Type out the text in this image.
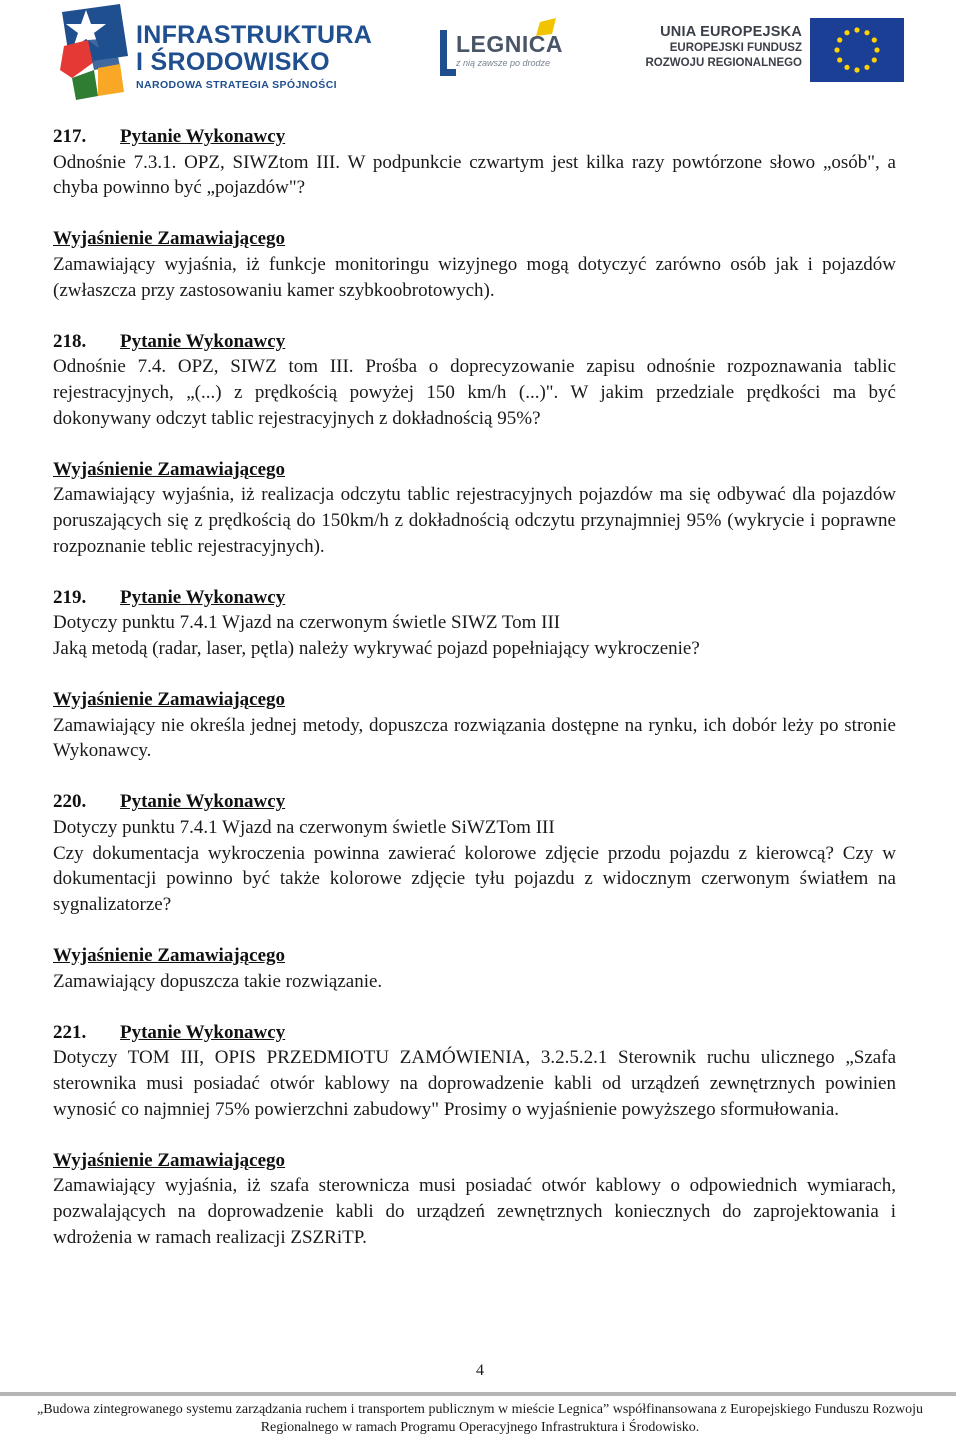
INFRASTRUKTURA
I ŚRODOWISKO
NARODOWA STRATEGIA SPÓJNOŚCI
LEGNICA
z nią zawsze po drodze
UNIA EUROPEJSKA
EUROPEJSKI FUNDUSZ
ROZWOJU REGIONALNEGO
217. Pytanie Wykonawcy
Odnośnie 7.3.1. OPZ, SIWZtom III. W podpunkcie czwartym jest kilka razy powtórzone słowo „osób", a chyba powinno być „pojazdów"?
Wyjaśnienie Zamawiającego
Zamawiający wyjaśnia, iż funkcje monitoringu wizyjnego mogą dotyczyć zarówno osób jak i pojazdów (zwłaszcza przy zastosowaniu kamer szybkoobrotowych).
218. Pytanie Wykonawcy
Odnośnie 7.4. OPZ, SIWZ tom III. Prośba o doprecyzowanie zapisu odnośnie rozpoznawania tablic rejestracyjnych, „(...) z prędkością powyżej 150 km/h (...)". W jakim przedziale prędkości ma być dokonywany odczyt tablic rejestracyjnych z dokładnością 95%?
Wyjaśnienie Zamawiającego
Zamawiający wyjaśnia, iż realizacja odczytu tablic rejestracyjnych pojazdów ma się odbywać dla pojazdów poruszających się z prędkością do 150km/h z dokładnością odczytu przynajmniej 95% (wykrycie i poprawne rozpoznanie teblic rejestracyjnych).
219. Pytanie Wykonawcy
Dotyczy punktu 7.4.1 Wjazd na czerwonym świetle SIWZ Tom III
Jaką metodą (radar, laser, pętla) należy wykrywać pojazd popełniający wykroczenie?
Wyjaśnienie Zamawiającego
Zamawiający nie określa jednej metody, dopuszcza rozwiązania dostępne na rynku, ich dobór leży po stronie Wykonawcy.
220. Pytanie Wykonawcy
Dotyczy punktu 7.4.1 Wjazd na czerwonym świetle SiWZTom III
Czy dokumentacja wykroczenia powinna zawierać kolorowe zdjęcie przodu pojazdu z kierowcą? Czy w dokumentacji powinno być także kolorowe zdjęcie tyłu pojazdu z widocznym czerwonym światłem na sygnalizatorze?
Wyjaśnienie Zamawiającego
Zamawiający dopuszcza takie rozwiązanie.
221. Pytanie Wykonawcy
Dotyczy TOM III, OPIS PRZEDMIOTU ZAMÓWIENIA, 3.2.5.2.1 Sterownik ruchu ulicznego „Szafa sterownika musi posiadać otwór kablowy na doprowadzenie kabli od urządzeń zewnętrznych powinien wynosić co najmniej 75% powierzchni zabudowy" Prosimy o wyjaśnienie powyższego sformułowania.
Wyjaśnienie Zamawiającego
Zamawiający wyjaśnia, iż szafa sterownicza musi posiadać otwór kablowy o odpowiednich wymiarach, pozwalających na doprowadzenie kabli do urządzeń zewnętrznych koniecznych do zaprojektowania i wdrożenia w ramach realizacji ZSZRiTP.
4
„Budowa zintegrowanego systemu zarządzania ruchem i transportem publicznym w mieście Legnica” współfinansowana z Europejskiego Funduszu Rozwoju
Regionalnego w ramach Programu Operacyjnego Infrastruktura i Środowisko.
